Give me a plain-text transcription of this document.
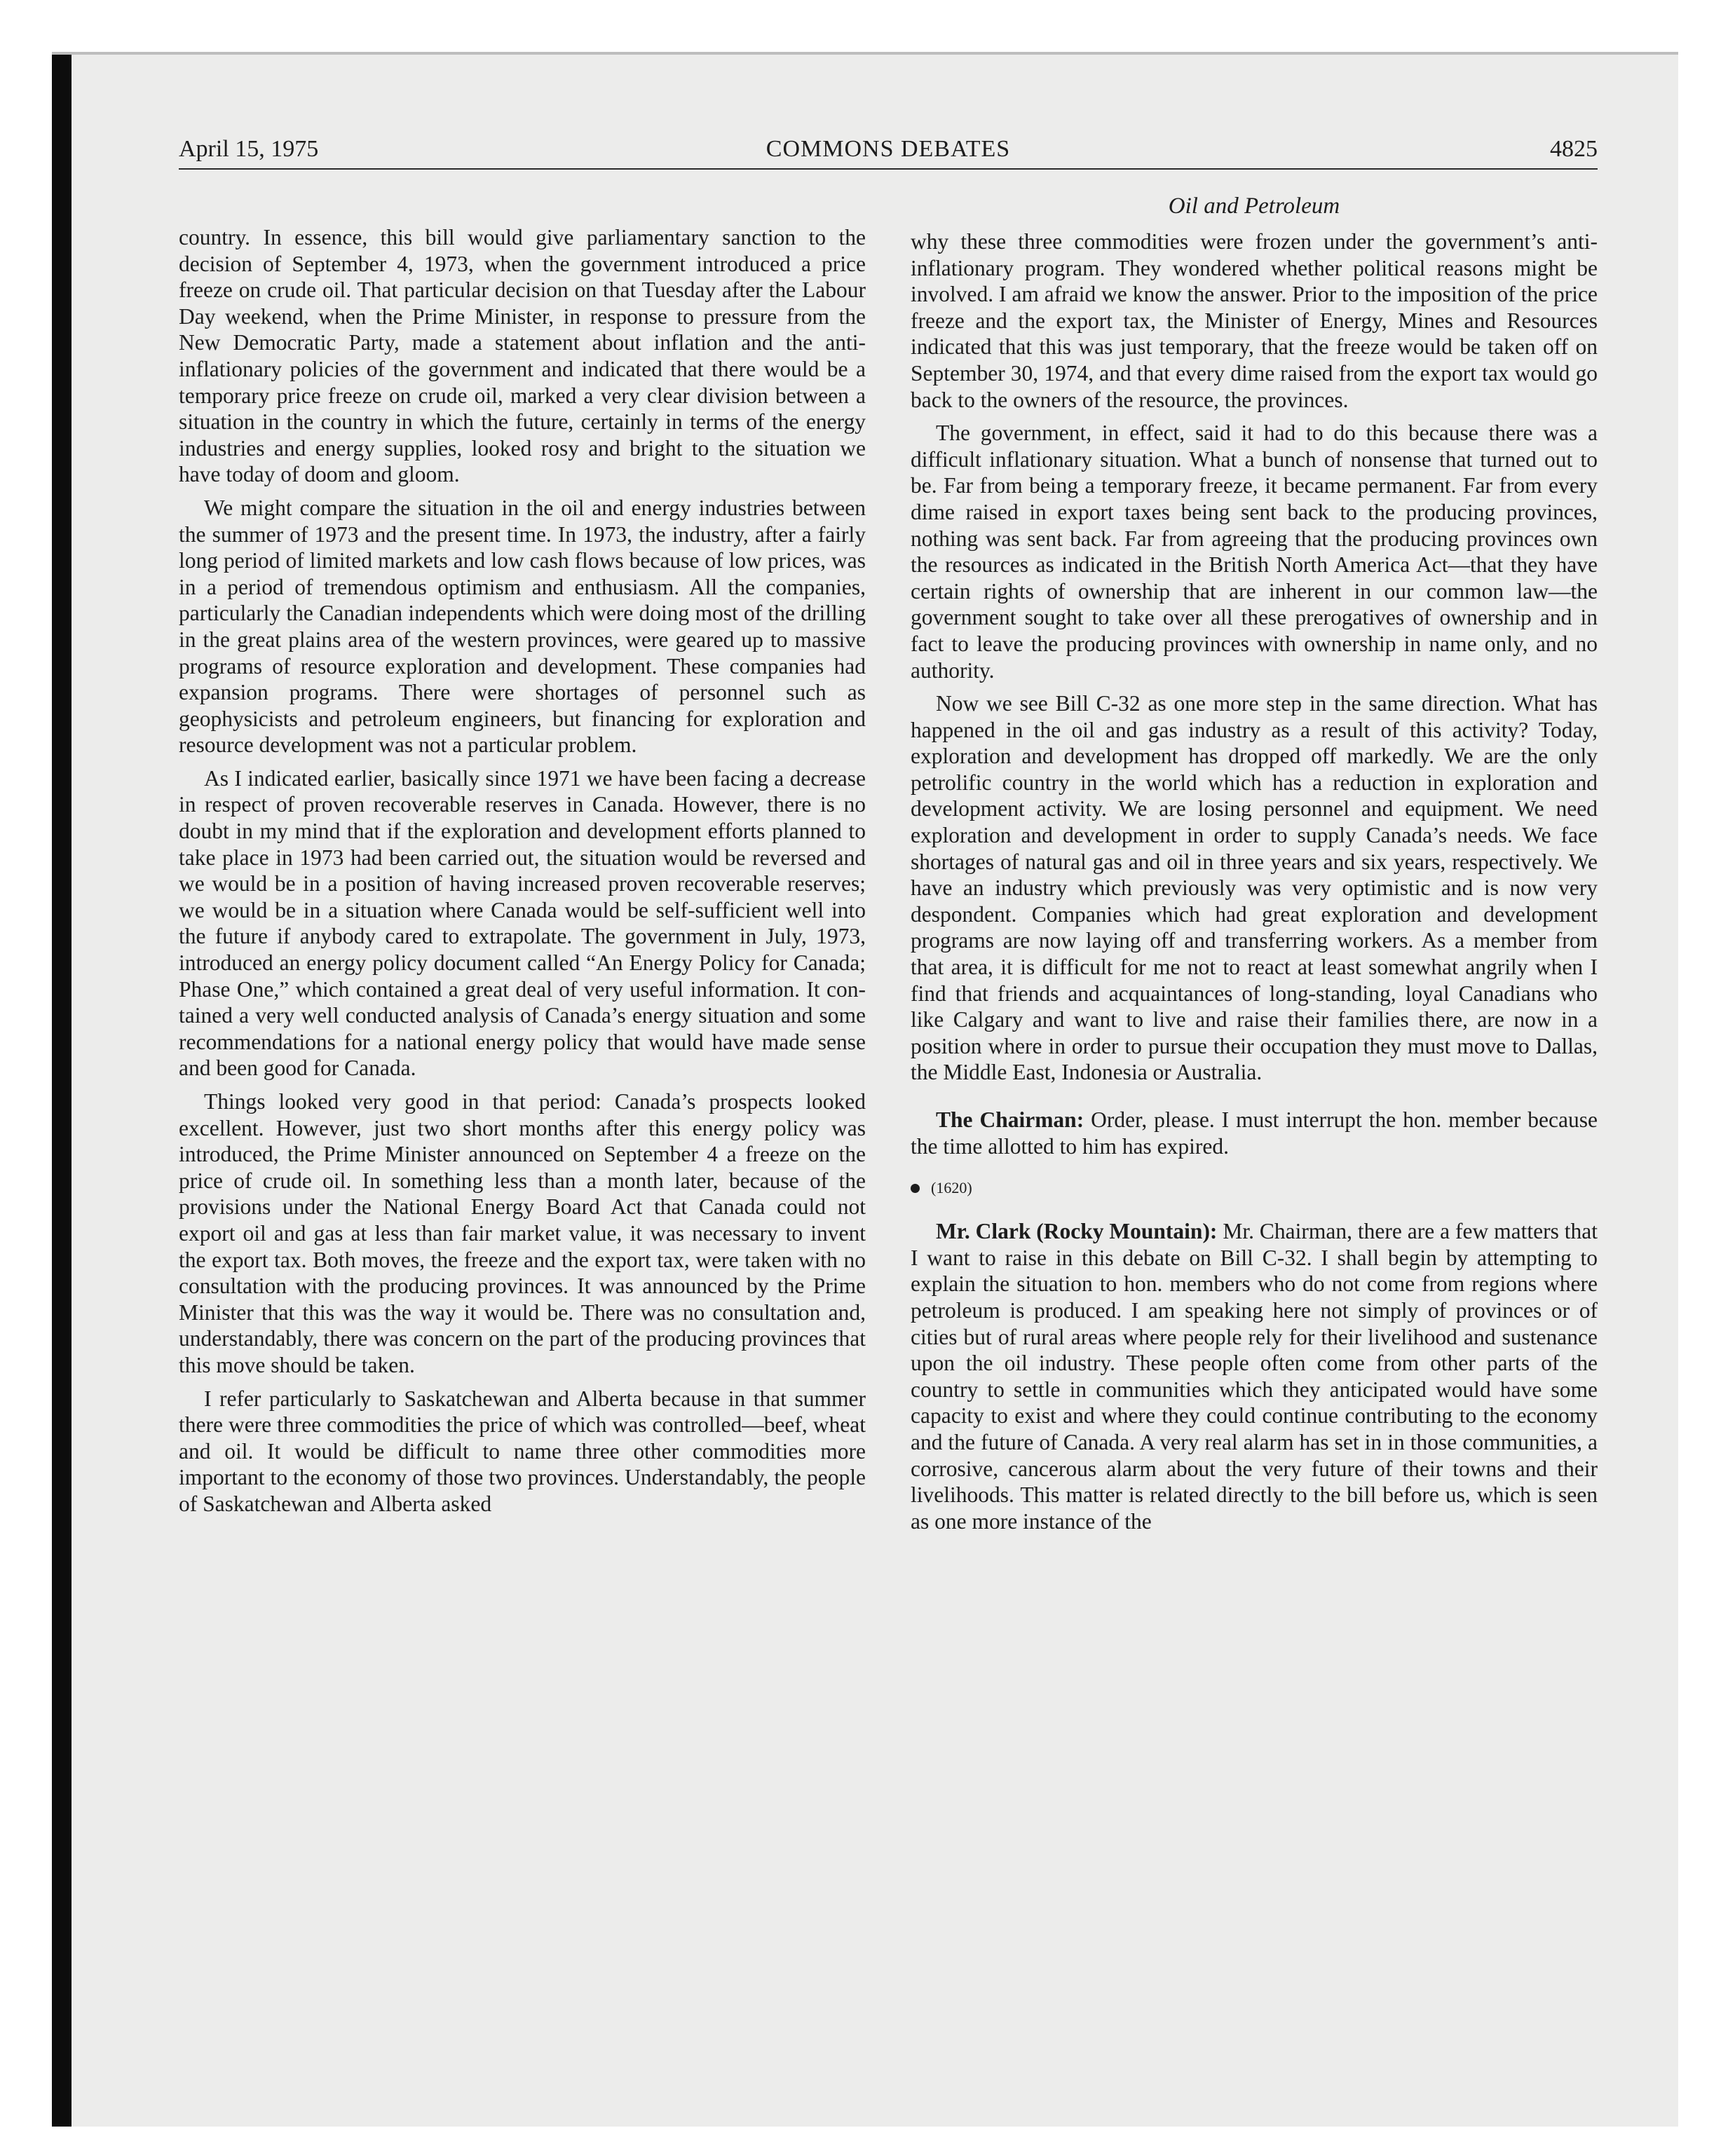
April 15, 1975	COMMONS DEBATES	4825

country. In essence, this bill would give parliamentary sanction to the decision of September 4, 1973, when the government introduced a price freeze on crude oil. That particular decision on that Tuesday after the Labour Day weekend, when the Prime Minister, in response to pressure from the New Democratic Party, made a statement about inflation and the anti-inflationary policies of the government and indicated that there would be a temporary price freeze on crude oil, marked a very clear division between a situation in the country in which the future, certainly in terms of the energy industries and energy supplies, looked rosy and bright to the situation we have today of doom and gloom.

We might compare the situation in the oil and energy industries between the summer of 1973 and the present time. In 1973, the industry, after a fairly long period of limited markets and low cash flows because of low prices, was in a period of tremendous optimism and enthusiasm. All the companies, particularly the Canadian independents which were doing most of the drilling in the great plains area of the western provinces, were geared up to massive programs of resource exploration and development. These companies had expansion programs. There were shortages of personnel such as geophysicists and petroleum engineers, but financing for exploration and resource development was not a particular problem.

As I indicated earlier, basically since 1971 we have been facing a decrease in respect of proven recoverable reserves in Canada. However, there is no doubt in my mind that if the exploration and development efforts planned to take place in 1973 had been carried out, the situation would be reversed and we would be in a position of having increased proven recoverable reserves; we would be in a situation where Canada would be self-sufficient well into the future if anybody cared to extrapolate. The government in July, 1973, introduced an energy policy document called “An Energy Policy for Canada; Phase One,” which contained a great deal of very useful information. It contained a very well conducted analysis of Canada’s energy situation and some recommendations for a national energy policy that would have made sense and been good for Canada.

Things looked very good in that period: Canada’s prospects looked excellent. However, just two short months after this energy policy was introduced, the Prime Minister announced on September 4 a freeze on the price of crude oil. In something less than a month later, because of the provisions under the National Energy Board Act that Canada could not export oil and gas at less than fair market value, it was necessary to invent the export tax. Both moves, the freeze and the export tax, were taken with no consultation with the producing provinces. It was announced by the Prime Minister that this was the way it would be. There was no consultation and, understandably, there was concern on the part of the producing provinces that this move should be taken.

I refer particularly to Saskatchewan and Alberta because in that summer there were three commodities the price of which was controlled—beef, wheat and oil. It would be difficult to name three other commodities more important to the economy of those two provinces. Understandably, the people of Saskatchewan and Alberta asked

Oil and Petroleum

why these three commodities were frozen under the government’s anti-inflationary program. They wondered whether political reasons might be involved. I am afraid we know the answer. Prior to the imposition of the price freeze and the export tax, the Minister of Energy, Mines and Resources indicated that this was just temporary, that the freeze would be taken off on September 30, 1974, and that every dime raised from the export tax would go back to the owners of the resource, the provinces.

The government, in effect, said it had to do this because there was a difficult inflationary situation. What a bunch of nonsense that turned out to be. Far from being a temporary freeze, it became permanent. Far from every dime raised in export taxes being sent back to the producing provinces, nothing was sent back. Far from agreeing that the producing provinces own the resources as indicated in the British North America Act—that they have certain rights of ownership that are inherent in our common law—the government sought to take over all these prerogatives of ownership and in fact to leave the producing provinces with ownership in name only, and no authority.

Now we see Bill C-32 as one more step in the same direction. What has happened in the oil and gas industry as a result of this activity? Today, exploration and development has dropped off markedly. We are the only petrolific country in the world which has a reduction in exploration and development activity. We are losing personnel and equipment. We need exploration and development in order to supply Canada’s needs. We face shortages of natural gas and oil in three years and six years, respectively. We have an industry which previously was very optimistic and is now very despondent. Companies which had great exploration and development programs are now laying off and transferring workers. As a member from that area, it is difficult for me not to react at least somewhat angrily when I find that friends and acquaintances of long-standing, loyal Canadians who like Calgary and want to live and raise their families there, are now in a position where in order to pursue their occupation they must move to Dallas, the Middle East, Indonesia or Australia.

The Chairman: Order, please. I must interrupt the hon. member because the time allotted to him has expired.

(1620)

Mr. Clark (Rocky Mountain): Mr. Chairman, there are a few matters that I want to raise in this debate on Bill C-32. I shall begin by attempting to explain the situation to hon. members who do not come from regions where petroleum is produced. I am speaking here not simply of provinces or of cities but of rural areas where people rely for their livelihood and sustenance upon the oil industry. These people often come from other parts of the country to settle in communities which they anticipated would have some capacity to exist and where they could continue contributing to the economy and the future of Canada. A very real alarm has set in in those communities, a corrosive, cancerous alarm about the very future of their towns and their livelihoods. This matter is related directly to the bill before us, which is seen as one more instance of the
